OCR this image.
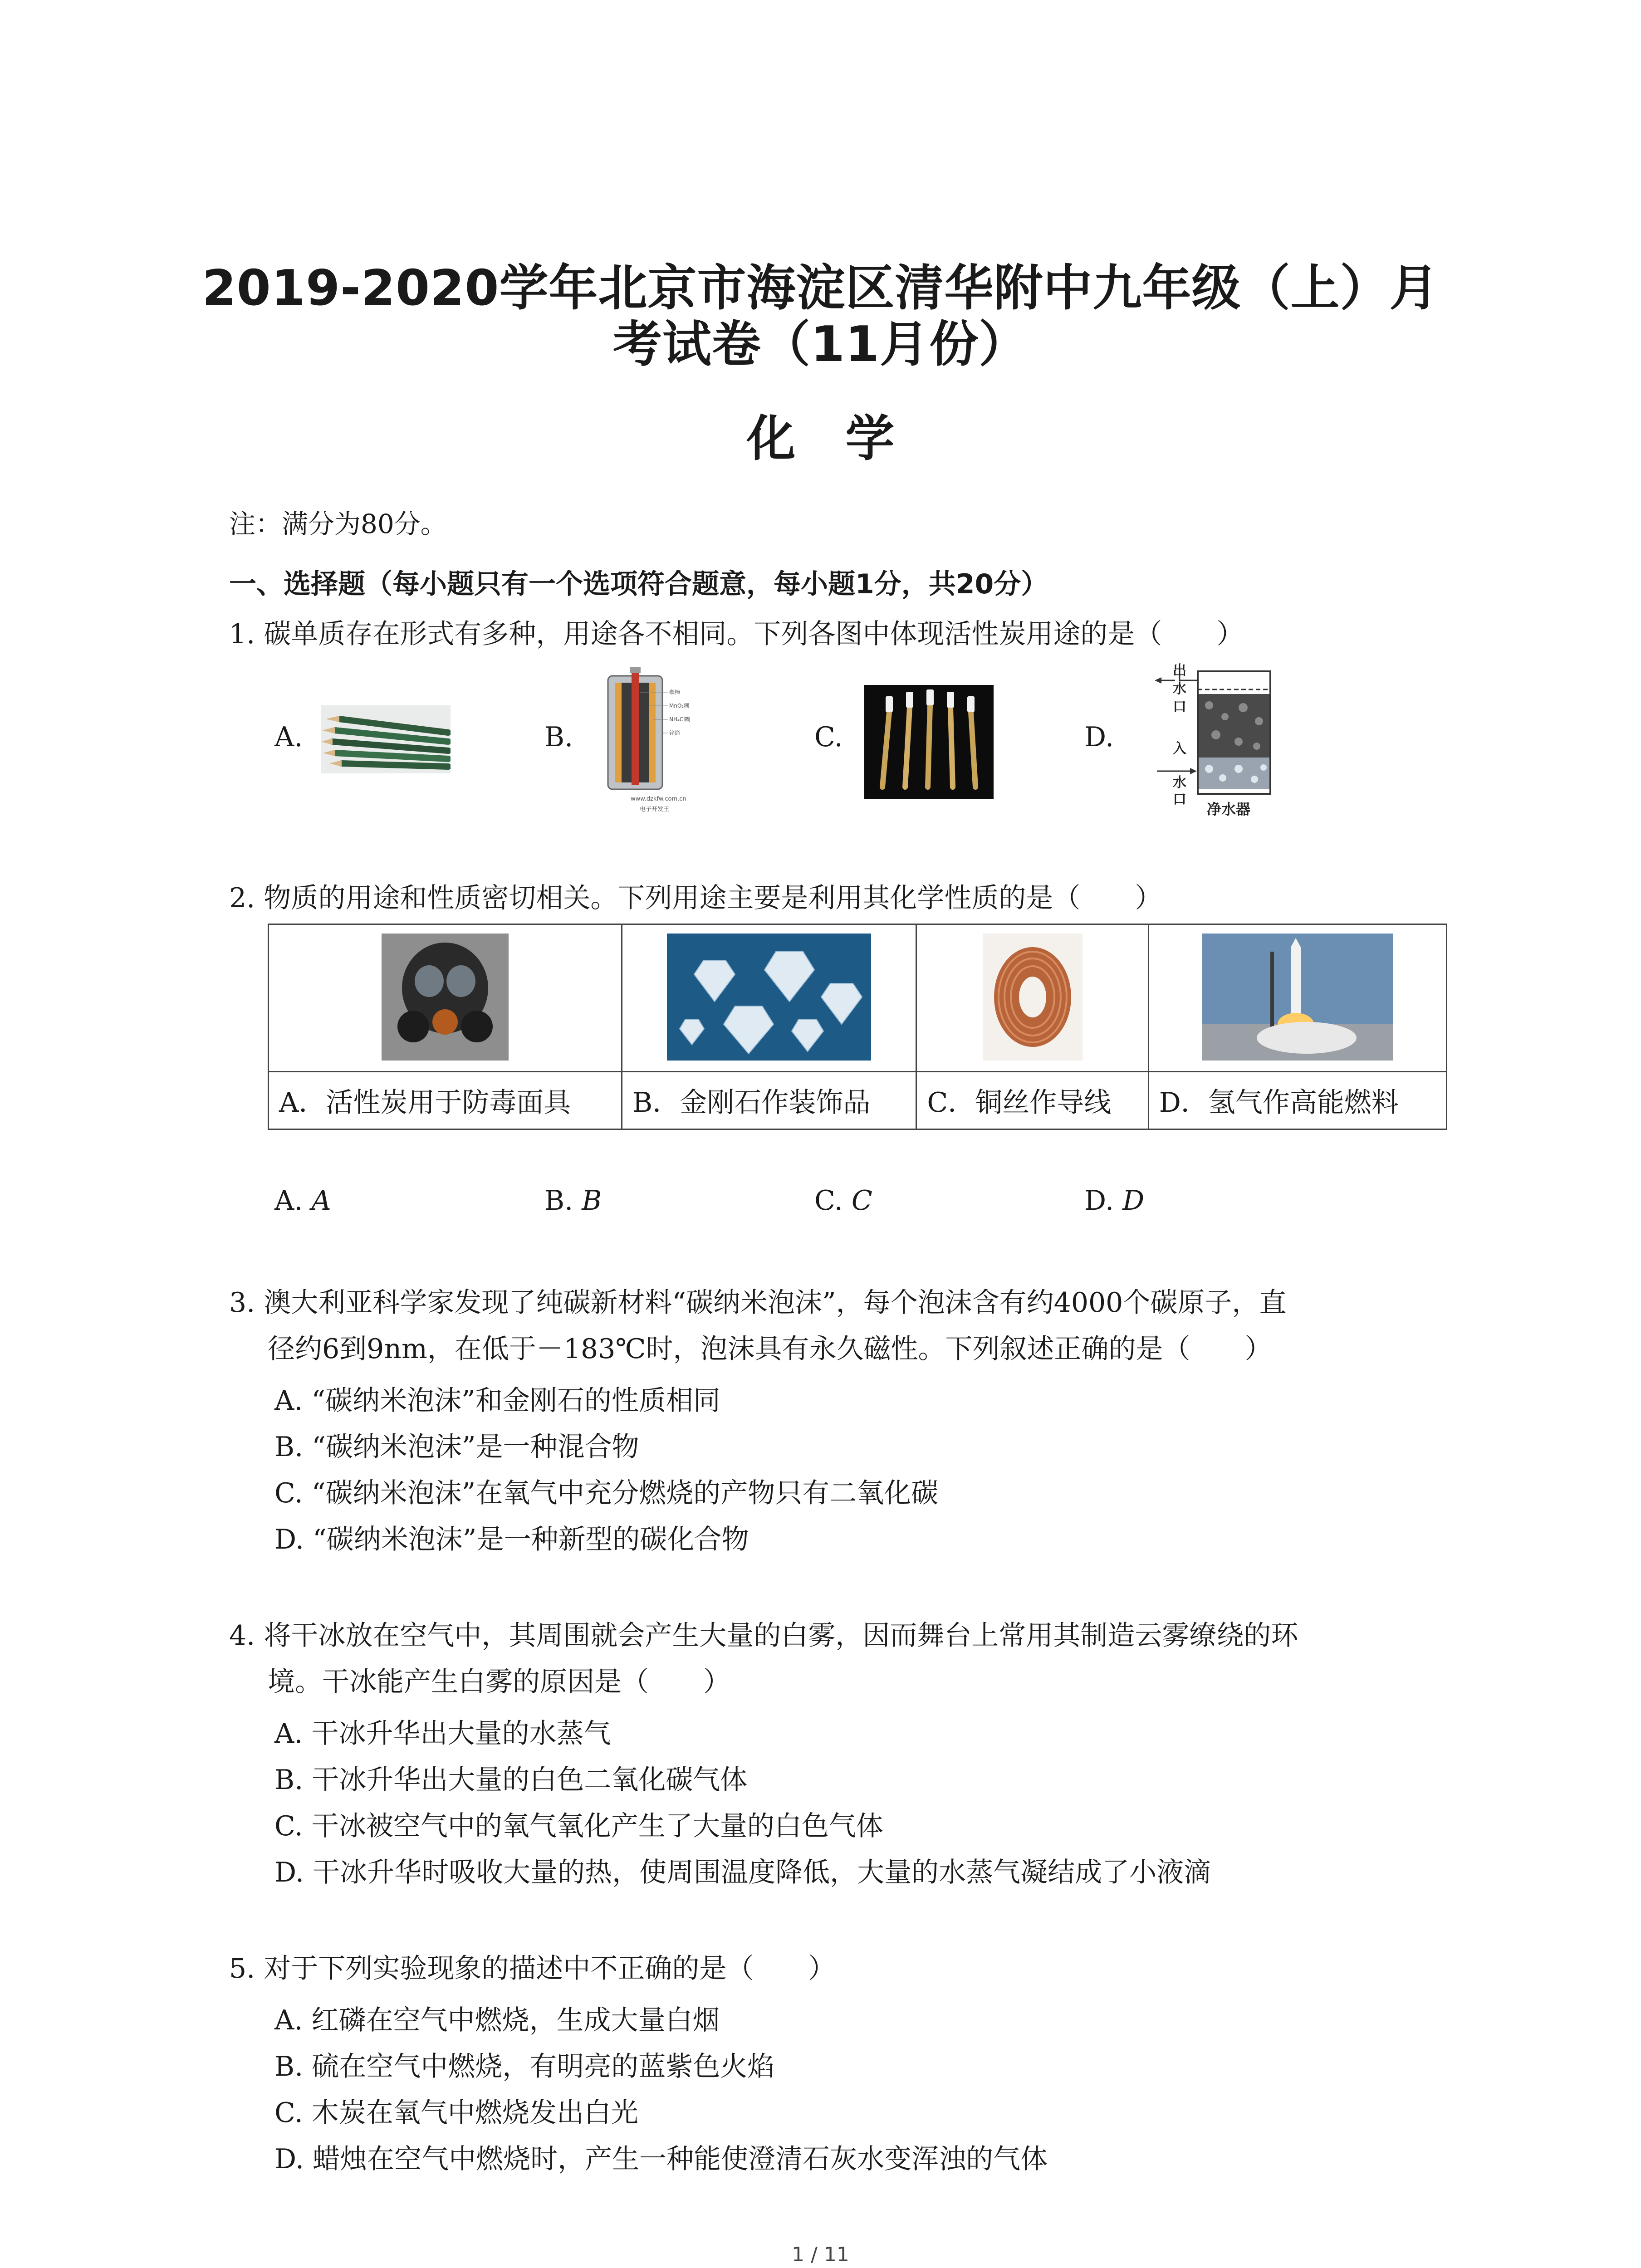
2019-2020学年北京市海淀区清华附中九年级（上）月
考试卷（11月份）
化学
注：满分为80分。
一、选择题（每小题只有一个选项符合题意，每小题1分，共20分）
1. 碳单质存在形式有多种，用途各不相同。下列各图中体现活性炭用途的是（　　）
A.	B.
碳棒
MnO₂糊
NH₄Cl糊
锌筒
www.dzkfw.com.cn
电子开发王
C.	D.
出
水
口
入
水
口
净水器
2. 物质的用途和性质密切相关。下列用途主要是利用其化学性质的是（　　）

A．活性炭用于防毒面具	B．金刚石作装饰品	C．铜丝作导线	D．氢气作高能燃料
A. A	B. B	C. C	D. D
3. 澳大利亚科学家发现了纯碳新材料“碳纳米泡沫”，每个泡沫含有约4000个碳原子，直
径约6到9nm，在低于－183℃时，泡沫具有永久磁性。下列叙述正确的是（　　）
A. “碳纳米泡沫”和金刚石的性质相同
B. “碳纳米泡沫”是一种混合物
C. “碳纳米泡沫”在氧气中充分燃烧的产物只有二氧化碳
D. “碳纳米泡沫”是一种新型的碳化合物
4. 将干冰放在空气中，其周围就会产生大量的白雾，因而舞台上常用其制造云雾缭绕的环
境。干冰能产生白雾的原因是（　　）
A. 干冰升华出大量的水蒸气
B. 干冰升华出大量的白色二氧化碳气体
C. 干冰被空气中的氧气氧化产生了大量的白色气体
D. 干冰升华时吸收大量的热，使周围温度降低，大量的水蒸气凝结成了小液滴
5. 对于下列实验现象的描述中不正确的是（　　）
A. 红磷在空气中燃烧，生成大量白烟
B. 硫在空气中燃烧，有明亮的蓝紫色火焰
C. 木炭在氧气中燃烧发出白光
D. 蜡烛在空气中燃烧时，产生一种能使澄清石灰水变浑浊的气体
1 / 11
